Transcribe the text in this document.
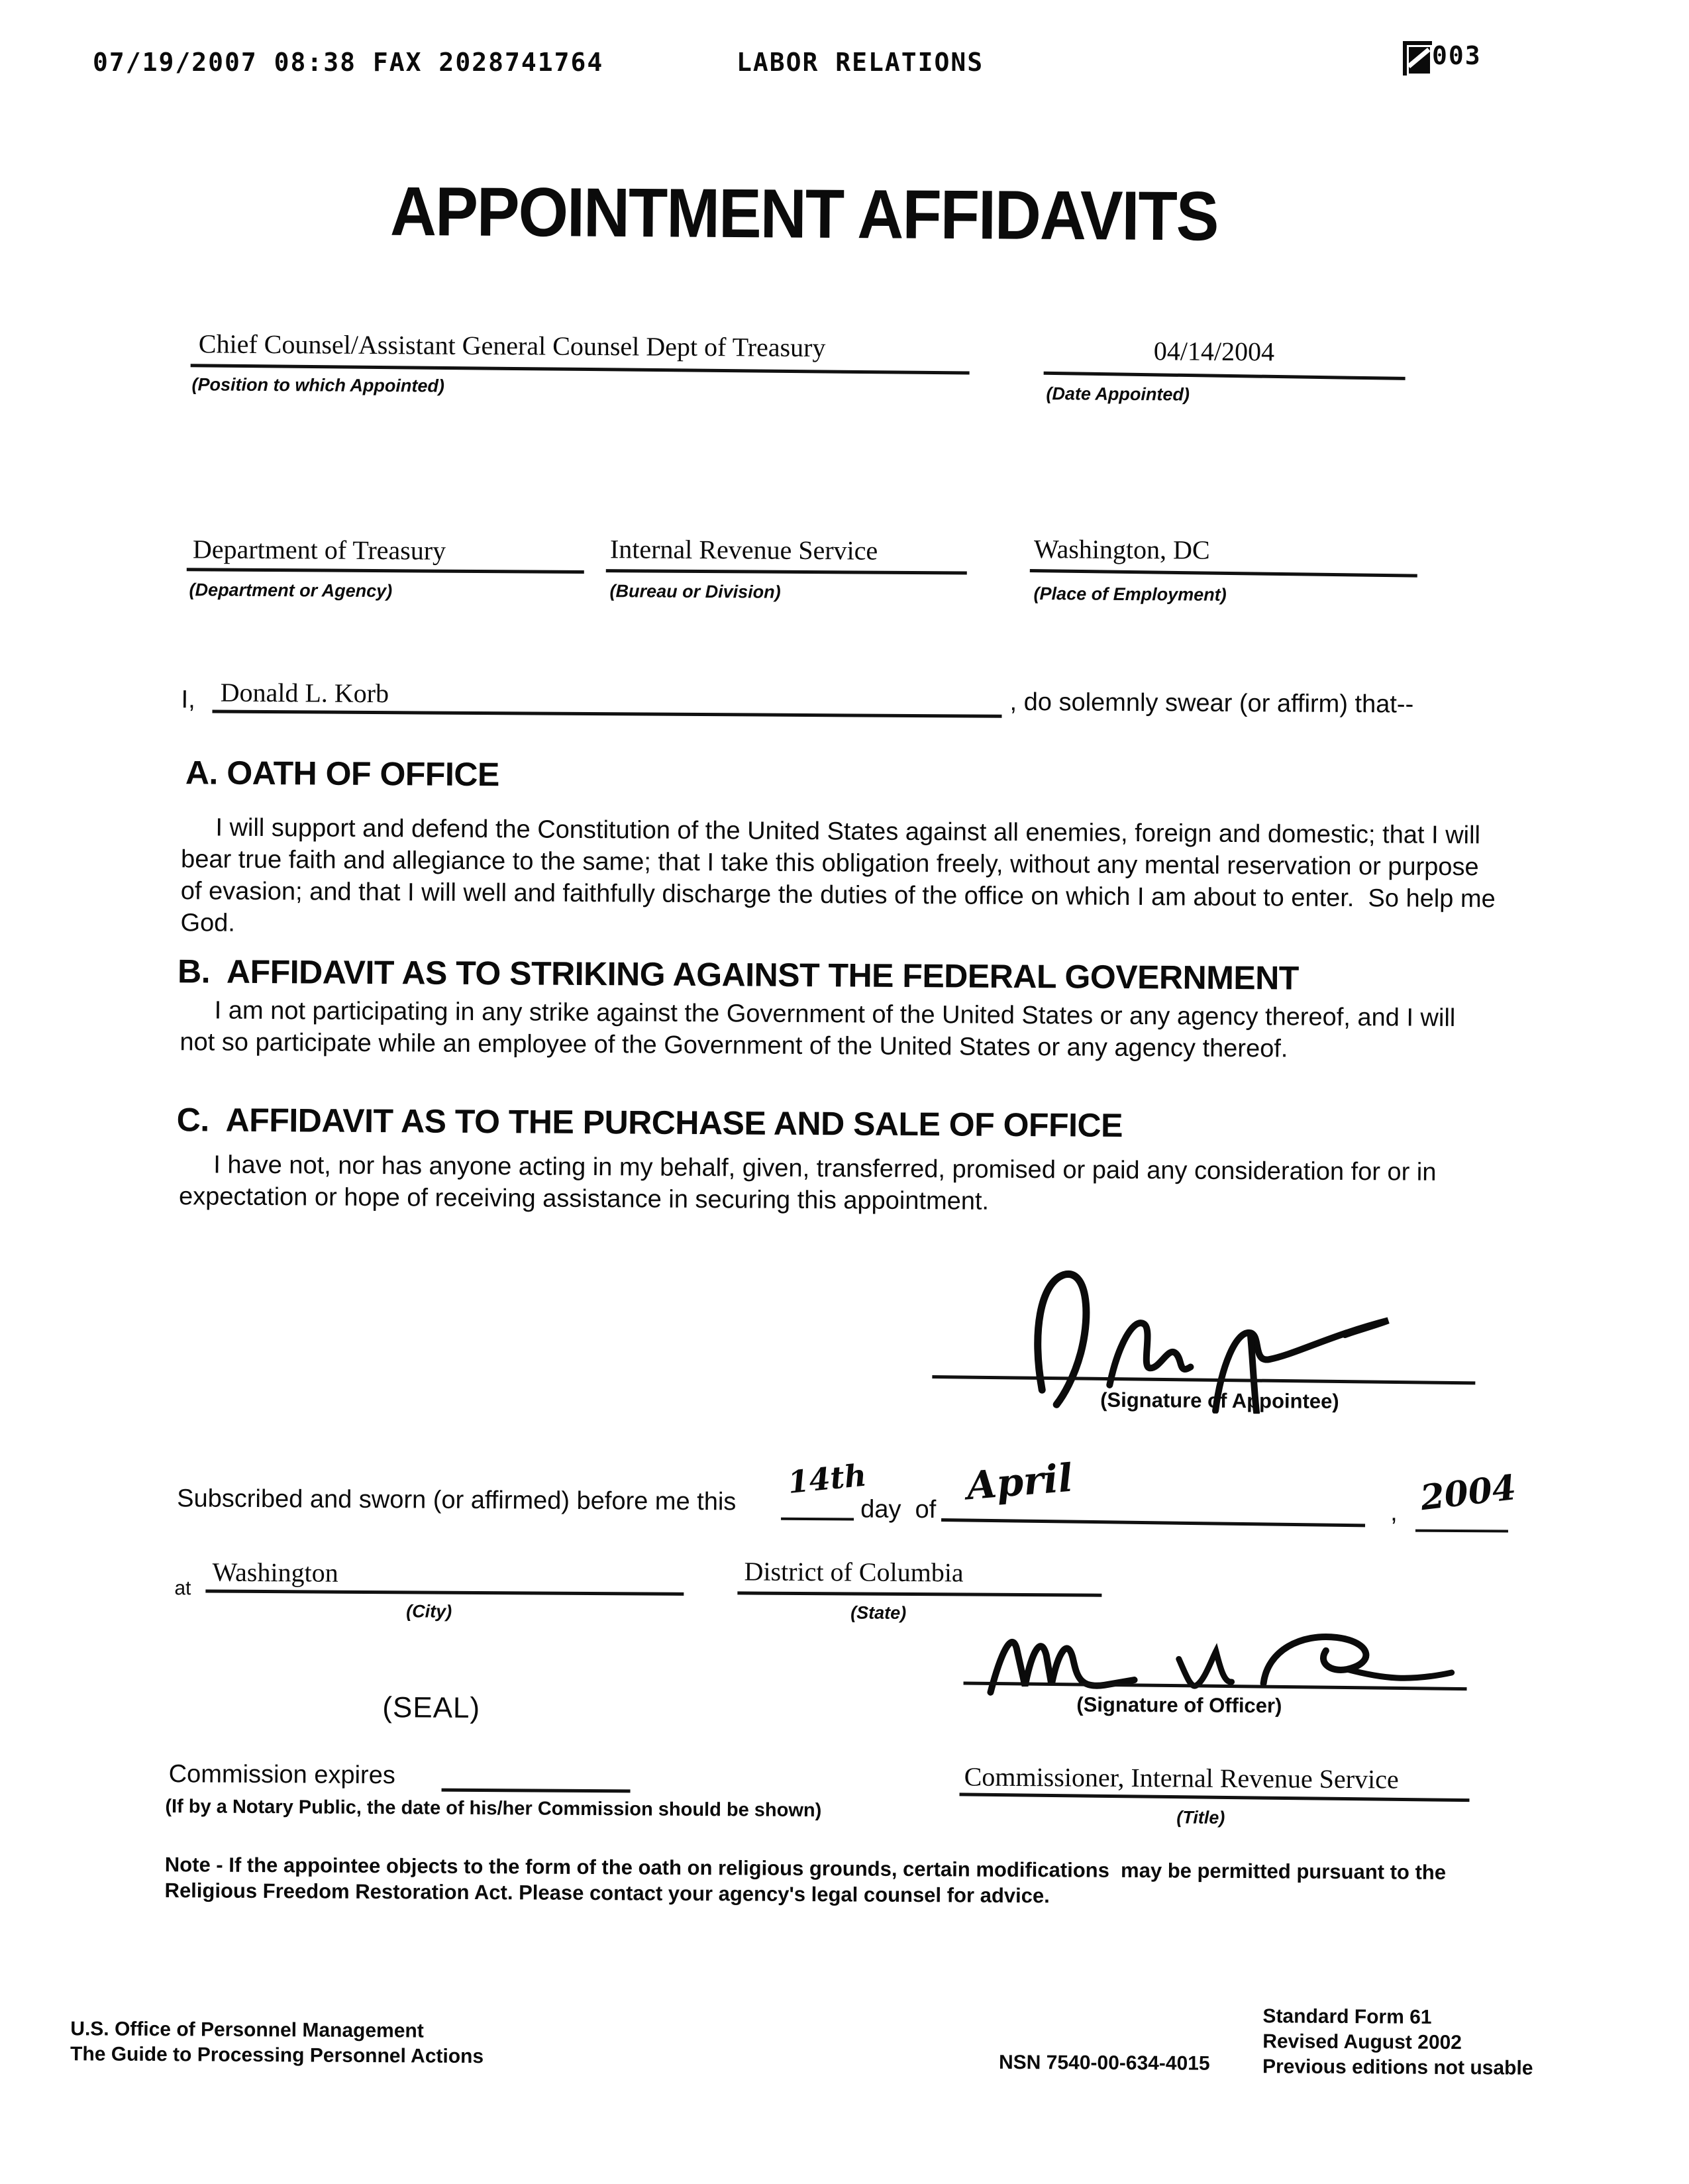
07/19/2007 08:38 FAX 2028741764	LABOR RELATIONS	003
APPOINTMENT AFFIDAVITS
Chief Counsel/Assistant General Counsel Dept of Treasury
(Position to which Appointed)
04/14/2004
(Date Appointed)
Department of Treasury
(Department or Agency)
Internal Revenue Service
(Bureau or Division)
Washington, DC
(Place of Employment)
I, Donald L. Korb	, do solemnly swear (or affirm) that--
A. OATH OF OFFICE
I will support and defend the Constitution of the United States against all enemies, foreign and domestic; that I will bear true faith and allegiance to the same; that I take this obligation freely, without any mental reservation or purpose of evasion; and that I will well and faithfully discharge the duties of the office on which I am about to enter.  So help me God.
B.  AFFIDAVIT AS TO STRIKING AGAINST THE FEDERAL GOVERNMENT
I am not participating in any strike against the Government of the United States or any agency thereof, and I will not so participate while an employee of the Government of the United States or any agency thereof.
C.  AFFIDAVIT AS TO THE PURCHASE AND SALE OF OFFICE
I have not, nor has anyone acting in my behalf, given, transferred, promised or paid any consideration for or in expectation or hope of receiving assistance in securing this appointment.
(Signature of Appointee)
Subscribed and sworn (or affirmed) before me this 14th
day  of
April
, 2004
at
Washington
(City)
District of Columbia
(State)
(Signature of Officer)
(SEAL)
Commission expires
(If by a Notary Public, the date of his/her Commission should be shown)
Commissioner, Internal Revenue Service
(Title)
Note - If the appointee objects to the form of the oath on religious grounds, certain modifications  may be permitted pursuant to the Religious Freedom Restoration Act. Please contact your agency's legal counsel for advice.
U.S. Office of Personnel Management
The Guide to Processing Personnel Actions	NSN 7540-00-634-4015
Standard Form 61
Revised August 2002
Previous editions not usable
